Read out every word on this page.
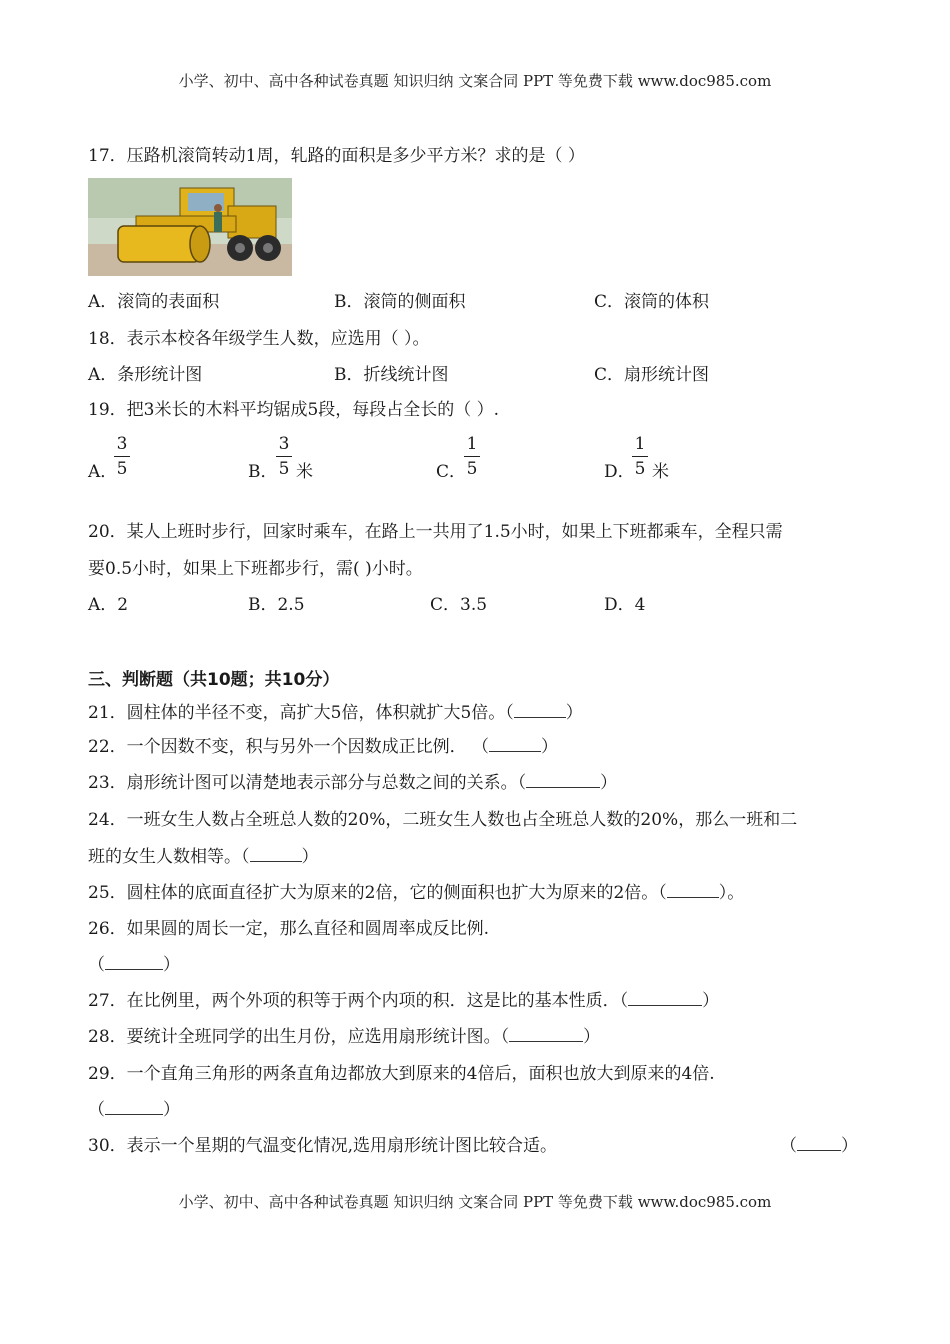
小学、初中、高中各种试卷真题 知识归纳 文案合同 PPT 等免费下载 www.doc985.com
17．压路机滚筒转动1周，轧路的面积是多少平方米？求的是（ ）
A．滚筒的表面积	B．滚筒的侧面积	C．滚筒的体积
18．表示本校各年级学生人数，应选用（ ）。
A．条形统计图	B．折线统计图	C．扇形统计图
19．把3米长的木料平均锯成5段，每段占全长的（ ）.
A．
3
5	B．
3
5 米	C．
1
5	D．
1
5 米
20．某人上班时步行，回家时乘车，在路上一共用了1.5小时，如果上下班都乘车，全程只需
要0.5小时，如果上下班都步行，需( )小时。
A．2	B．2.5	C．3.5	D．4
三、判断题（共10题；共10分）
21．圆柱体的半径不变，高扩大5倍，体积就扩大5倍。（	）
22．一个因数不变，积与另外一个因数成正比例． （	）
23．扇形统计图可以清楚地表示部分与总数之间的关系。（	）
24．一班女生人数占全班总人数的20%，二班女生人数也占全班总人数的20%，那么一班和二
班的女生人数相等。（	）
25．圆柱体的底面直径扩大为原来的2倍，它的侧面积也扩大为原来的2倍。（	）。
26．如果圆的周长一定，那么直径和圆周率成反比例.
（	）
27．在比例里，两个外项的积等于两个内项的积．这是比的基本性质．（	）
28．要统计全班同学的出生月份，应选用扇形统计图。（	）
29．一个直角三角形的两条直角边都放大到原来的4倍后，面积也放大到原来的4倍.
（	）
30．表示一个星期的气温变化情况,选用扇形统计图比较合适。	（	）
小学、初中、高中各种试卷真题 知识归纳 文案合同 PPT 等免费下载 www.doc985.com
